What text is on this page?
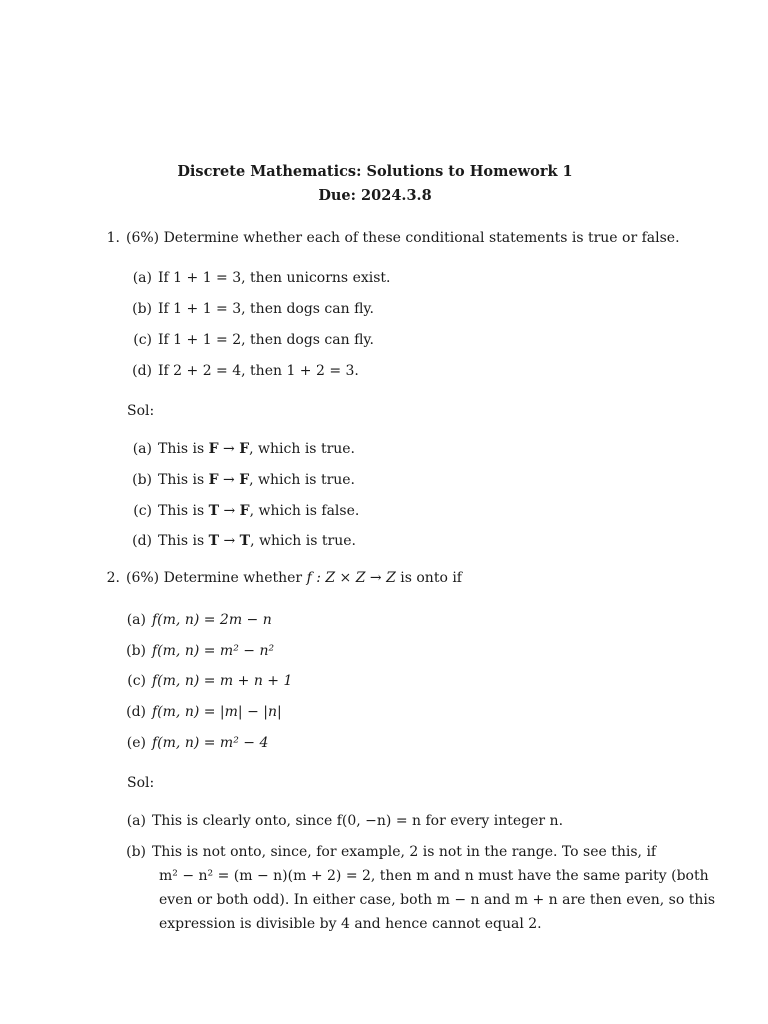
Discrete Mathematics: Solutions to Homework 1
Due: 2024.3.8
1. (6%) Determine whether each of these conditional statements is true or false.
(a) If 1 + 1 = 3, then unicorns exist.
(b) If 1 + 1 = 3, then dogs can fly.
(c) If 1 + 1 = 2, then dogs can fly.
(d) If 2 + 2 = 4, then 1 + 2 = 3.
Sol:
(a) This is F → F, which is true.
(b) This is F → F, which is true.
(c) This is T → F, which is false.
(d) This is T → T, which is true.
2. (6%) Determine whether f : Z × Z → Z is onto if
(a) f(m, n) = 2m − n
(b) f(m, n) = m² − n²
(c) f(m, n) = m + n + 1
(d) f(m, n) = |m| − |n|
(e) f(m, n) = m² − 4
Sol:
(a) This is clearly onto, since f(0, −n) = n for every integer n.
(b) This is not onto, since, for example, 2 is not in the range. To see this, if
m² − n² = (m − n)(m + 2) = 2, then m and n must have the same parity (both
even or both odd). In either case, both m − n and m + n are then even, so this
expression is divisible by 4 and hence cannot equal 2.
